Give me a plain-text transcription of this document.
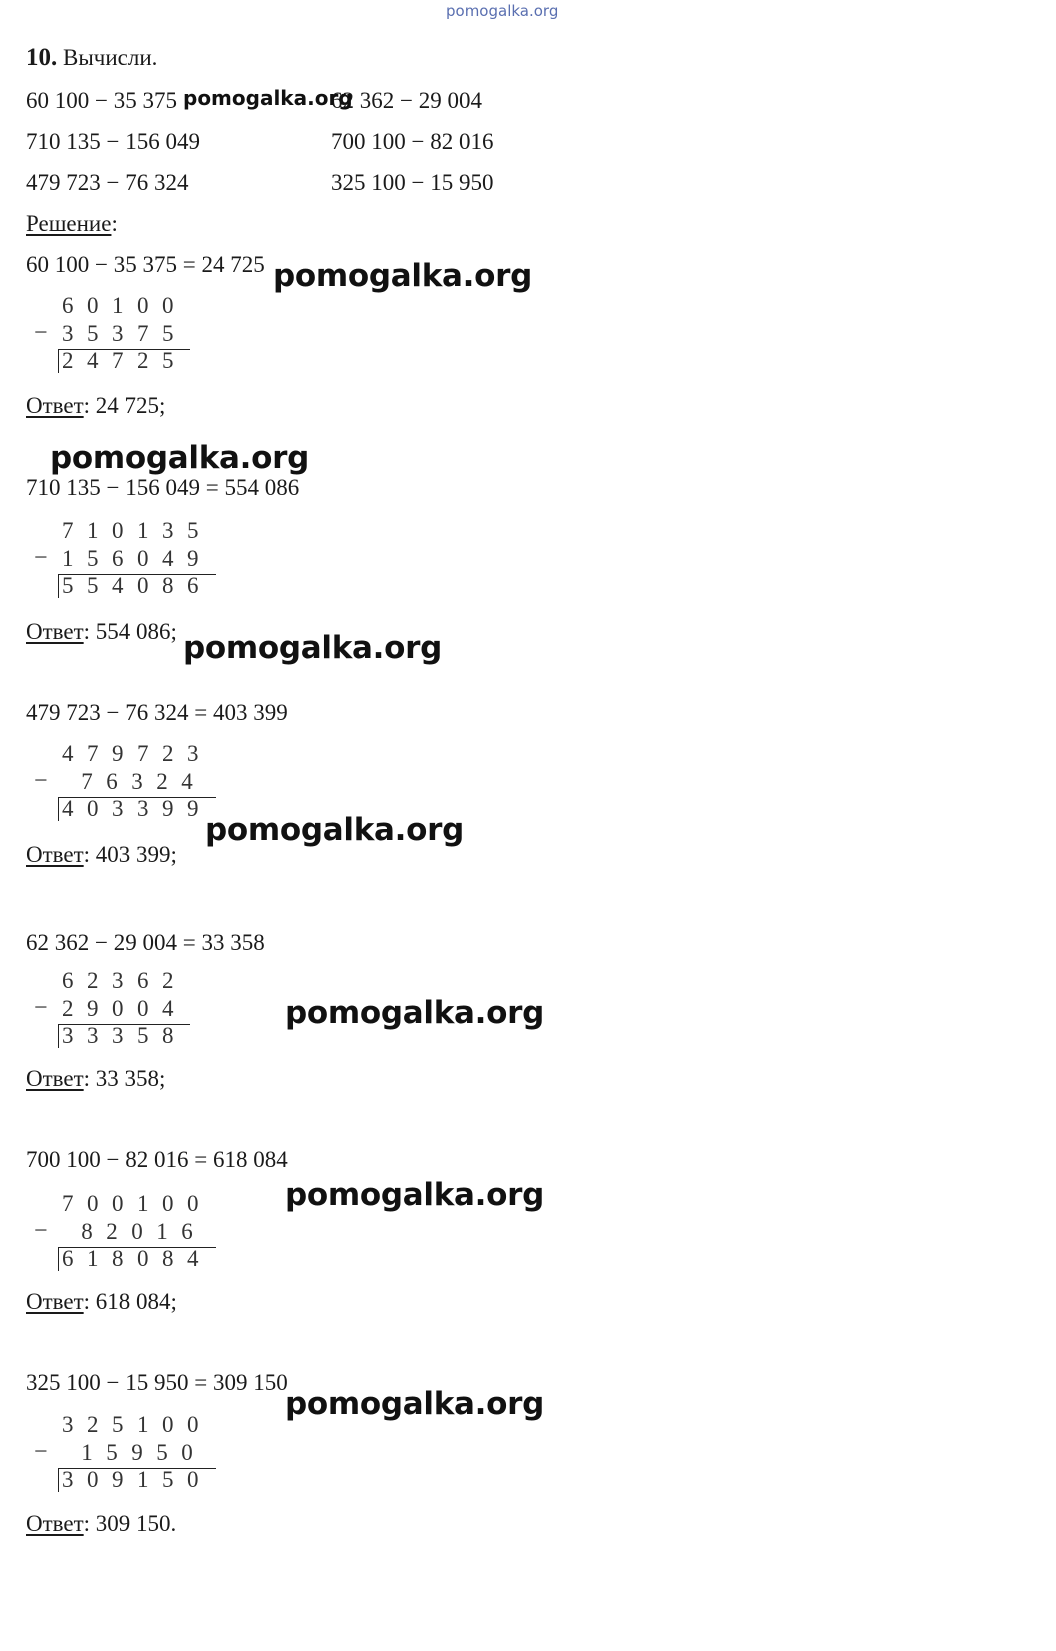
pomogalka.org
10. Вычисли.
60 100 − 35 375
710 135 − 156 049
479 723 − 76 324
62 362 − 29 004
700 100 − 82 016
325 100 − 15 950
pomogalka.org
Решение:
60 100 − 35 375 = 24 725 pomogalka.org
−
60100
35375
24725
Ответ: 24 725;
pomogalka.org
710 135 − 156 049 = 554 086
−
710135
156049
554086
Ответ: 554 086; pomogalka.org
479 723 − 76 324 = 403 399
−
479723
76324
403399
pomogalka.org
Ответ: 403 399;
62 362 − 29 004 = 33 358
−
62362
29004
33358
pomogalka.org
Ответ: 33 358;
700 100 − 82 016 = 618 084
−
700100
82016
618084
pomogalka.org
Ответ: 618 084;
325 100 − 15 950 = 309 150
−
325100
15950
309150
pomogalka.org
Ответ: 309 150.
